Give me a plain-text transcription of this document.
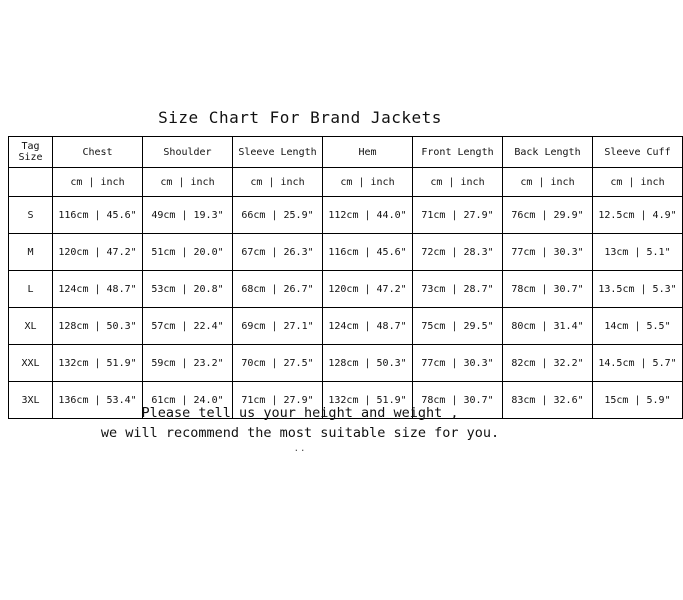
Size Chart For Brand Jackets
Tag
Size	Chest	Shoulder	Sleeve Length	Hem	Front Length	Back Length	Sleeve Cuff
	cm | inch	cm | inch	cm | inch	cm | inch	cm | inch	cm | inch	cm | inch
S	116cm | 45.6"	49cm | 19.3"	66cm | 25.9"	112cm | 44.0"	71cm | 27.9"	76cm | 29.9"	12.5cm | 4.9"
M	120cm | 47.2"	51cm | 20.0"	67cm | 26.3"	116cm | 45.6"	72cm | 28.3"	77cm | 30.3"	13cm | 5.1"
L	124cm | 48.7"	53cm | 20.8"	68cm | 26.7"	120cm | 47.2"	73cm | 28.7"	78cm | 30.7"	13.5cm | 5.3"
XL	128cm | 50.3"	57cm | 22.4"	69cm | 27.1"	124cm | 48.7"	75cm | 29.5"	80cm | 31.4"	14cm | 5.5"
XXL	132cm | 51.9"	59cm | 23.2"	70cm | 27.5"	128cm | 50.3"	77cm | 30.3"	82cm | 32.2"	14.5cm | 5.7"
3XL	136cm | 53.4"	61cm | 24.0"	71cm | 27.9"	132cm | 51.9"	78cm | 30.7"	83cm | 32.6"	15cm | 5.9"
Please tell us your height and weight ,
we will recommend the most suitable size for you.
..
